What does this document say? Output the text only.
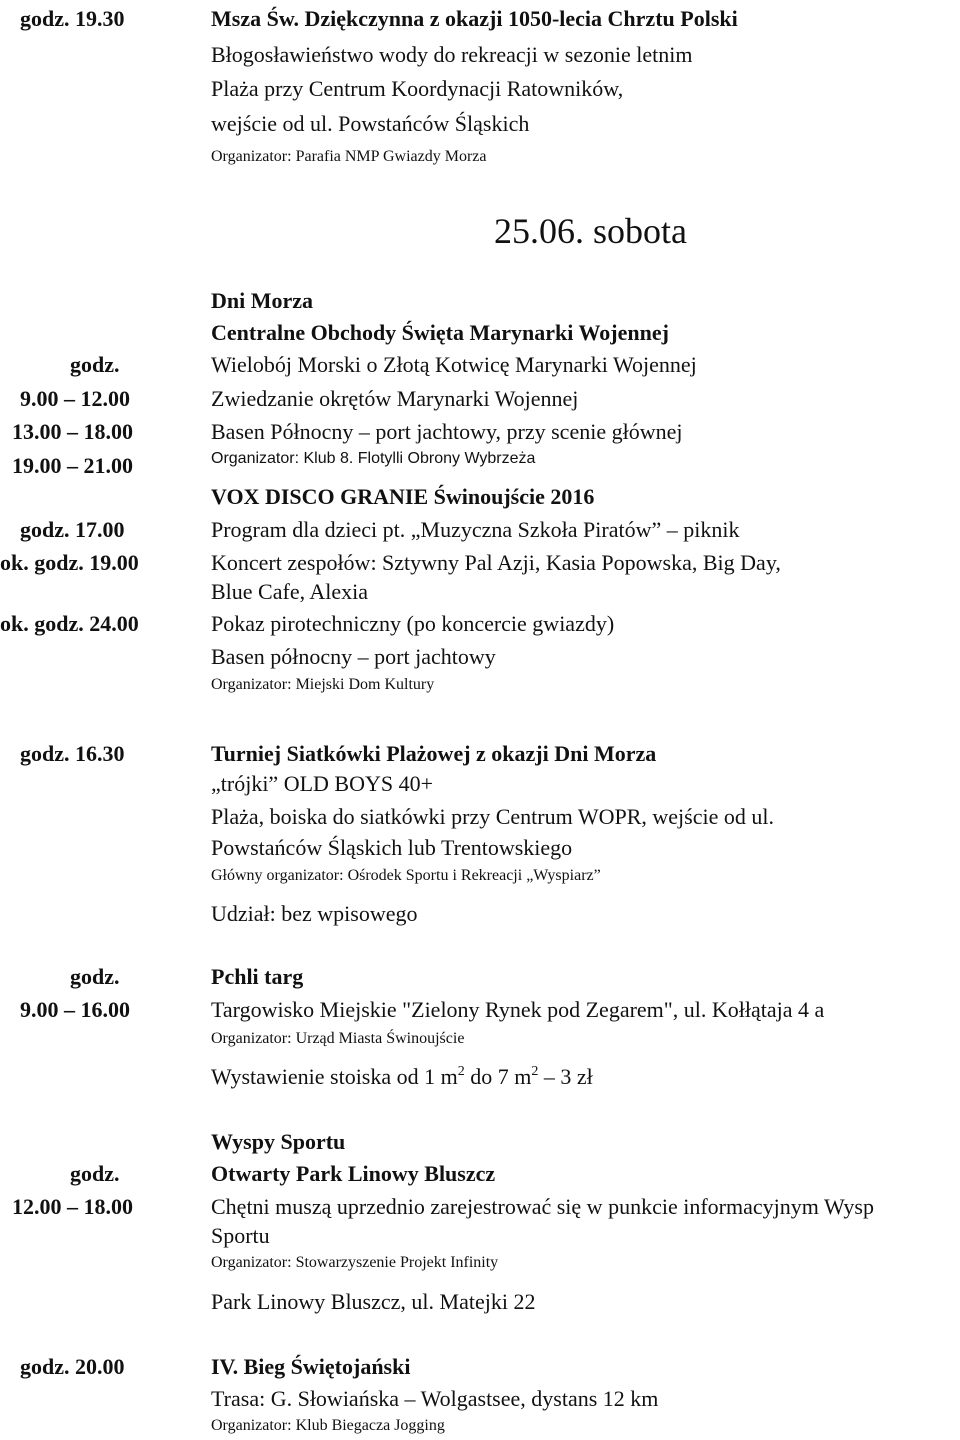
godz. 19.30	Msza Św. Dziękczynna z okazji 1050-lecia Chrztu Polski
Błogosławieństwo wody do rekreacji w sezonie letnim
Plaża przy Centrum Koordynacji Ratowników,
wejście od ul. Powstańców Śląskich
Organizator: Parafia NMP Gwiazdy Morza
25.06. sobota
Dni Morza
Centralne Obchody Święta Marynarki Wojennej
godz.	Wielobój Morski o Złotą Kotwicę Marynarki Wojennej
9.00 – 12.00	Zwiedzanie okrętów Marynarki Wojennej
13.00 – 18.00	Basen Północny – port jachtowy, przy scenie głównej
19.00 – 21.00	Organizator: Klub 8. Flotylli Obrony Wybrzeża
VOX DISCO GRANIE Świnoujście 2016
godz. 17.00	Program dla dzieci pt. „Muzyczna Szkoła Piratów” – piknik
ok. godz. 19.00	Koncert zespołów: Sztywny Pal Azji, Kasia Popowska, Big Day,
Blue Cafe, Alexia
ok. godz. 24.00	Pokaz pirotechniczny (po koncercie gwiazdy)
Basen północny – port jachtowy
Organizator: Miejski Dom Kultury
godz. 16.30	Turniej Siatkówki Plażowej z okazji Dni Morza
„trójki” OLD BOYS 40+
Plaża, boiska do siatkówki przy Centrum WOPR, wejście od ul.
Powstańców Śląskich lub Trentowskiego
Główny organizator: Ośrodek Sportu i Rekreacji „Wyspiarz”
Udział: bez wpisowego
godz.	Pchli targ
9.00 – 16.00	Targowisko Miejskie "Zielony Rynek pod Zegarem", ul. Kołłątaja 4 a
Organizator: Urząd Miasta Świnoujście
Wystawienie stoiska od 1 $m^2$ do 7 $m^2 - 3$ zł
Wyspy Sportu
godz.	Otwarty Park Linowy Bluszcz
12.00 – 18.00	Chętni muszą uprzednio zarejestrować się w punkcie informacyjnym Wysp
Sportu
Organizator: Stowarzyszenie Projekt Infinity
Park Linowy Bluszcz, ul. Matejki 22
godz. 20.00	IV. Bieg Świętojański
Trasa: G. Słowiańska – Wolgastsee, dystans 12 km
Organizator: Klub Biegacza Jogging
